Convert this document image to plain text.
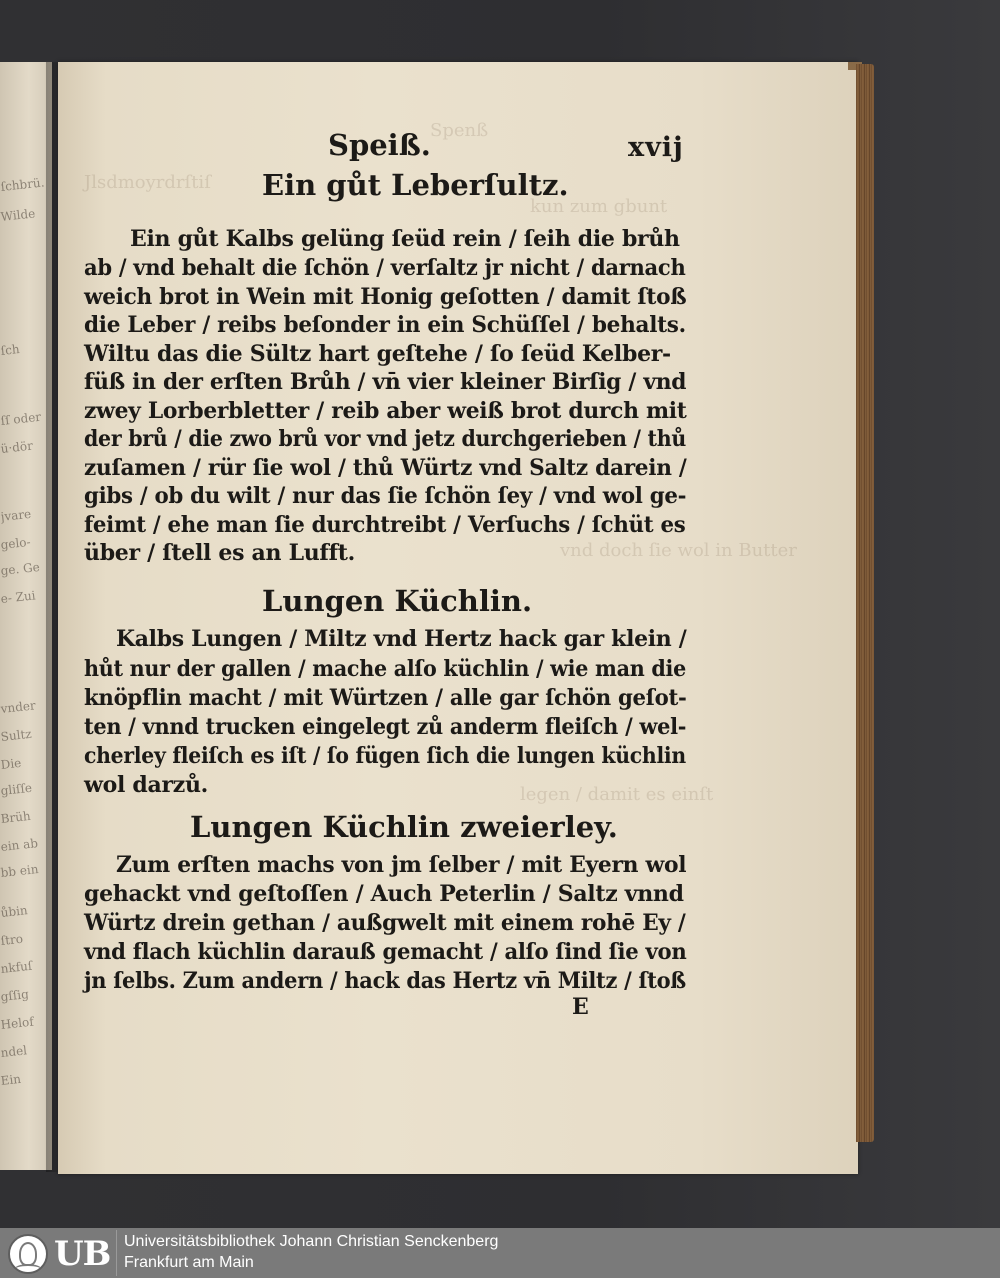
ſchbrü.
Wilde
ſch
ſſ oder
ü·dör
jvare
gelo-
ge. Ge
e- Zui
vnder
Sultz
Die
gliſſe
Brüh
ein ab
bb ein
ůbin
ſtro
nkfuſ
gſſig
Helof
ndel
Ein
Jlsdmoyrdrſtiſ
Spenß
kun zum gbunt
vnd doch ſie wol in Butter
legen / damit es einſt
Speiß.	xvij
Ein gůt Leberſultz.
Ein gůt Kalbs gelüng ſeüd rein / ſeih die brůh
ab / vnd behalt die ſchön / verſaltz jr nicht / darnach
weich brot in Wein mit Honig geſotten / damit ſtoß
die Leber / reibs beſonder in ein Schüſſel / behalts.
Wiltu das die Sültz hart geſtehe / ſo ſeüd Kelber-
füß in der erſten Brůh / vn̄ vier kleiner Birſig / vnd
zwey Lorberbletter / reib aber weiß brot durch mit
der brů / die zwo brů vor vnd jetz durchgerieben / thů
zuſamen / rür ſie wol / thů Würtz vnd Saltz darein /
gibs / ob du wilt / nur das ſie ſchön ſey / vnd wol ge-
feimt / ehe man ſie durchtreibt / Verſuchs / ſchüt es
über / ſtell es an Lufft.
Lungen Küchlin.
Kalbs Lungen / Miltz vnd Hertz hack gar klein /
hůt nur der gallen / mache alſo küchlin / wie man die
knöpflin macht / mit Würtzen / alle gar ſchön geſot-
ten / vnnd trucken eingelegt zů anderm fleiſch / wel-
cherley fleiſch es iſt / ſo fügen ſich die lungen küchlin
wol darzů.
Lungen Küchlin zweierley.
Zum erſten machs von jm ſelber / mit Eyern wol
gehackt vnd geſtoſſen / Auch Peterlin / Saltz vnnd
Würtz drein gethan / außgwelt mit einem rohē Ey /
vnd flach küchlin darauß gemacht / alſo ſind ſie von
jn ſelbs. Zum andern / hack das Hertz vn̄ Miltz / ſtoß
E
UB Universitätsbibliothek Johann Christian Senckenberg
Frankfurt am Main
